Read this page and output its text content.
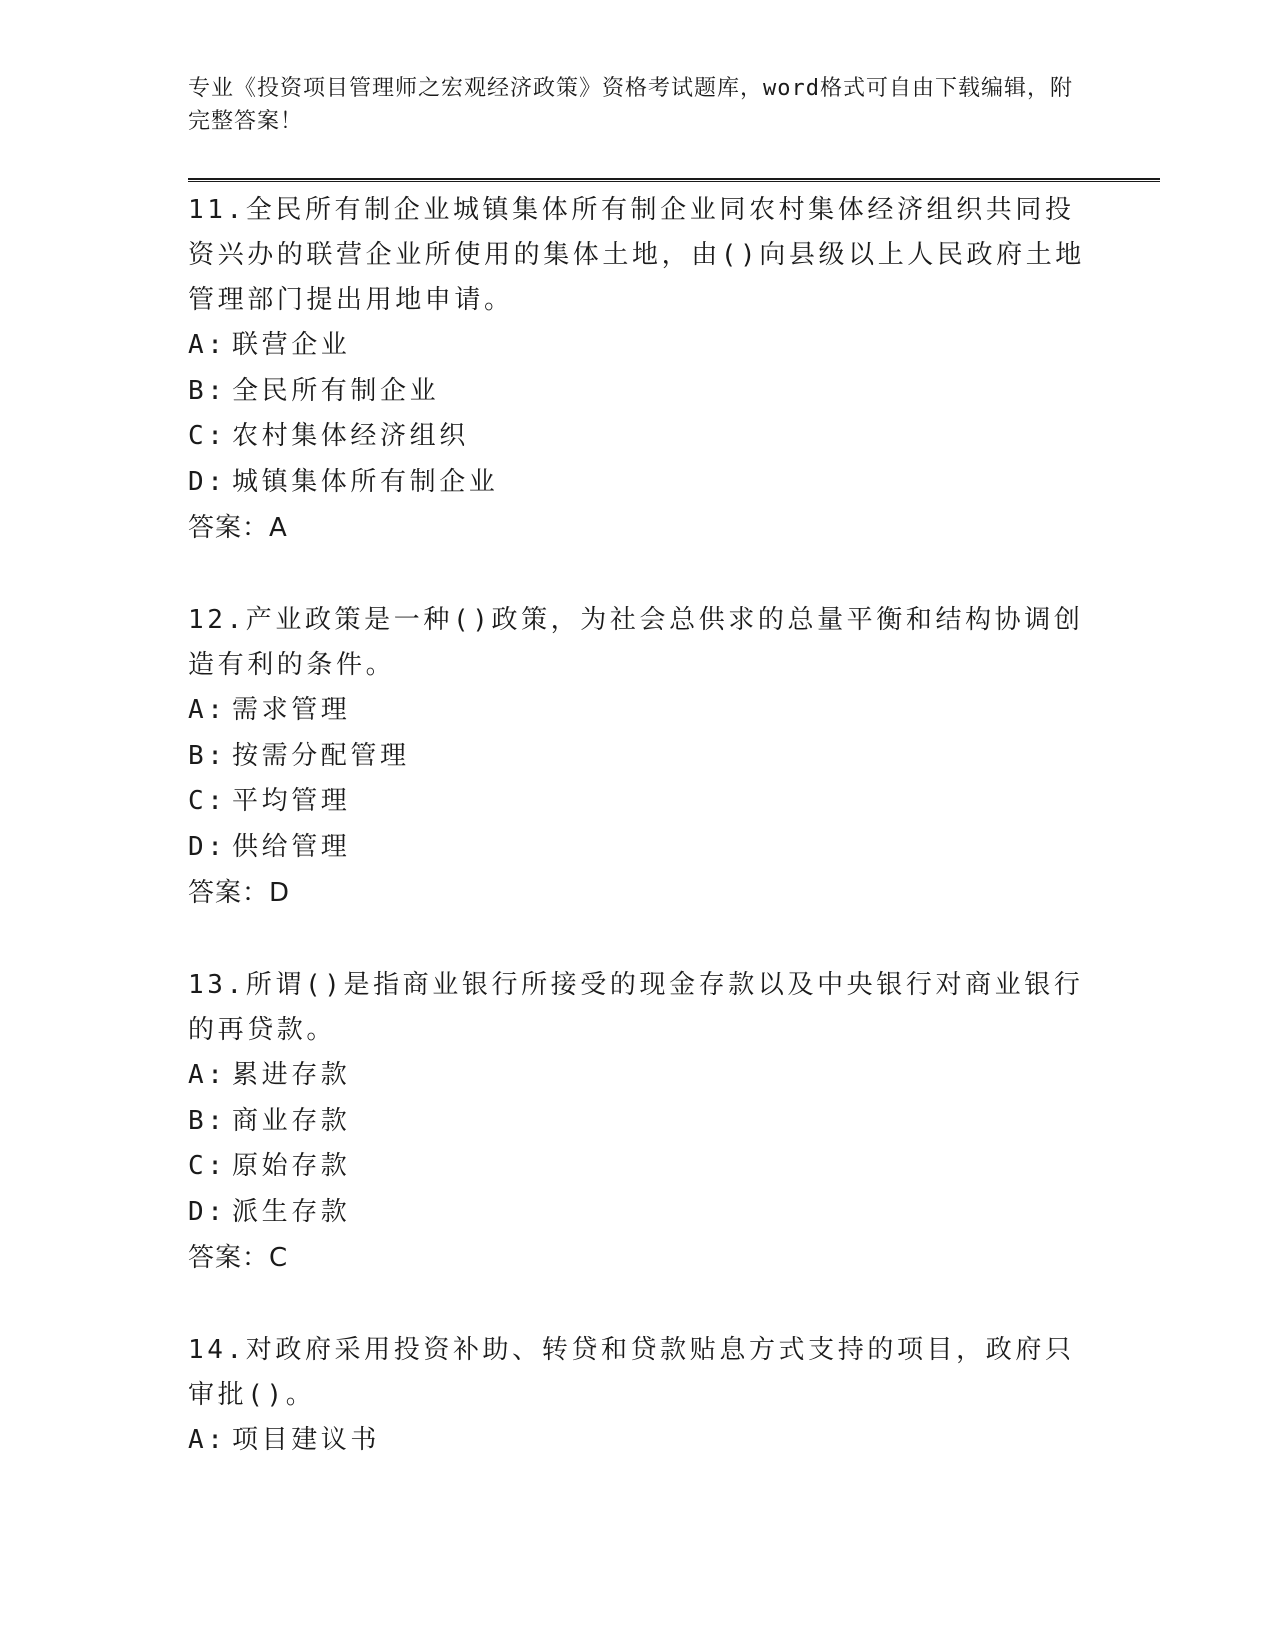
专业《投资项目管理师之宏观经济政策》资格考试题库，word格式可自由下载编辑，附完整答案！

11.全民所有制企业城镇集体所有制企业同农村集体经济组织共同投资兴办的联营企业所使用的集体土地，由()向县级以上人民政府土地管理部门提出用地申请。

A: 联营企业
B: 全民所有制企业
C: 农村集体经济组织
D: 城镇集体所有制企业

答案：A

12.产业政策是一种()政策，为社会总供求的总量平衡和结构协调创造有利的条件。

A: 需求管理
B: 按需分配管理
C: 平均管理
D: 供给管理

答案：D

13.所谓()是指商业银行所接受的现金存款以及中央银行对商业银行的再贷款。

A: 累进存款
B: 商业存款
C: 原始存款
D: 派生存款

答案：C

14.对政府采用投资补助、转贷和贷款贴息方式支持的项目，政府只审批()。

A: 项目建议书
